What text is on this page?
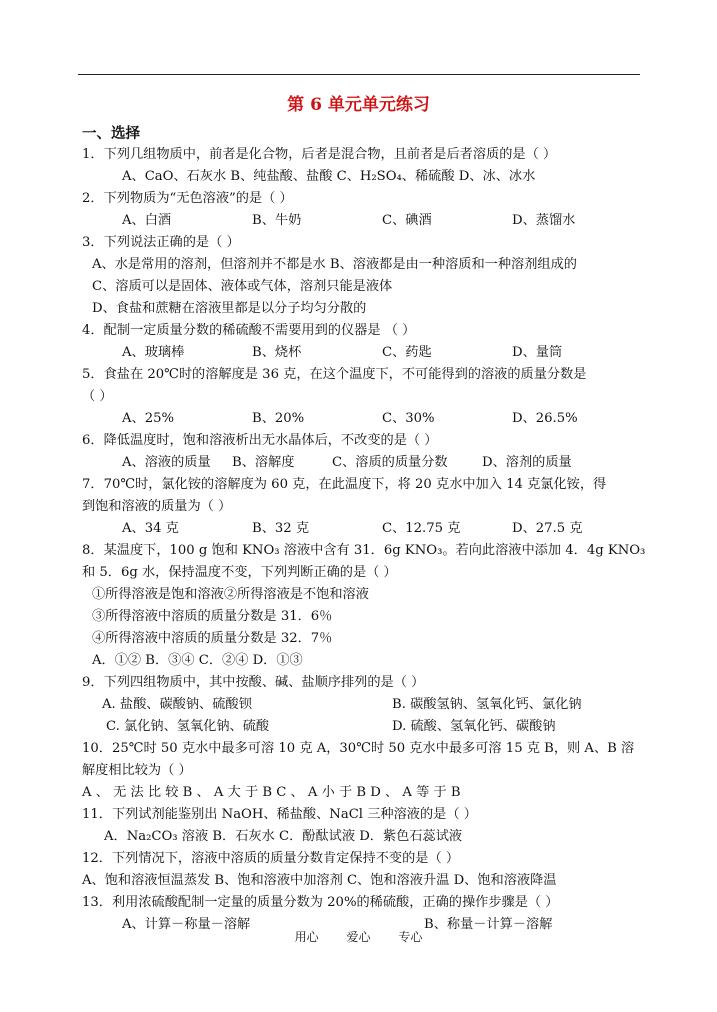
第 6 单元单元练习
一、选择
1．下列几组物质中，前者是化合物，后者是混合物，且前者是后者溶质的是（ ）
A、CaO、石灰水 B、纯盐酸、盐酸 C、H₂SO₄、稀硫酸 D、冰、冰水
2．下列物质为“无色溶液”的是（ ）
A、白酒	B、牛奶	C、碘酒	D、蒸馏水
3．下列说法正确的是（ ）
A、水是常用的溶剂，但溶剂并不都是水 B、溶液都是由一种溶质和一种溶剂组成的
C、溶质可以是固体、液体或气体，溶剂只能是液体
D、食盐和蔗糖在溶液里都是以分子均匀分散的
4．配制一定质量分数的稀硫酸不需要用到的仪器是 （ ）
A、玻璃棒	B、烧杯	C、药匙	D、量筒
5．食盐在 20℃时的溶解度是 36 克，在这个温度下，不可能得到的溶液的质量分数是
（ ）
A、25%	B、20%	C、30%	D、26.5%
6．降低温度时，饱和溶液析出无水晶体后，不改变的是（ ）
A、溶液的质量 B、溶解度	C、溶质的质量分数	D、溶剂的质量
7．70℃时，氯化铵的溶解度为 60 克，在此温度下，将 20 克水中加入 14 克氯化铵，得
到饱和溶液的质量为（ ）
A、34 克	B、32 克	C、12.75 克	D、27.5 克
8．某温度下，100 g 饱和 KNO₃ 溶液中含有 31．6g KNO₃。若向此溶液中添加 4．4g KNO₃
和 5．6g 水，保持温度不变，下列判断正确的是（ ）
①所得溶液是饱和溶液②所得溶液是不饱和溶液
③所得溶液中溶质的质量分数是 31．6％
④所得溶液中溶质的质量分数是 32．7％
A．①② B．③④ C．②④ D．①③
9．下列四组物质中，其中按酸、碱、盐顺序排列的是（ ）
A. 盐酸、碳酸钠、硫酸钡	B. 碳酸氢钠、氢氧化钙、氯化钠
C. 氯化钠、氢氧化钠、硫酸	D. 硫酸、氢氧化钙、碳酸钠
10．25℃时 50 克水中最多可溶 10 克 A，30℃时 50 克水中最多可溶 15 克 B，则 A、B 溶
解度相比较为（ ）
A 、 无 法 比 较 B 、 A 大 于 B C 、 A 小 于 B D 、 A 等 于 B
11．下列试剂能鉴别出 NaOH、稀盐酸、NaCl 三种溶液的是（ ）
A．Na₂CO₃ 溶液 B．石灰水 C．酚酞试液 D．紫色石蕊试液
12．下列情况下，溶液中溶质的质量分数肯定保持不变的是（ ）
A、饱和溶液恒温蒸发 B、饱和溶液中加溶剂 C、饱和溶液升温 D、饱和溶液降温
13．利用浓硫酸配制一定量的质量分数为 20%的稀硫酸，正确的操作步骤是（ ）
A、计算－称量－溶解	B、称量－计算－溶解
用心 爱心 专心
